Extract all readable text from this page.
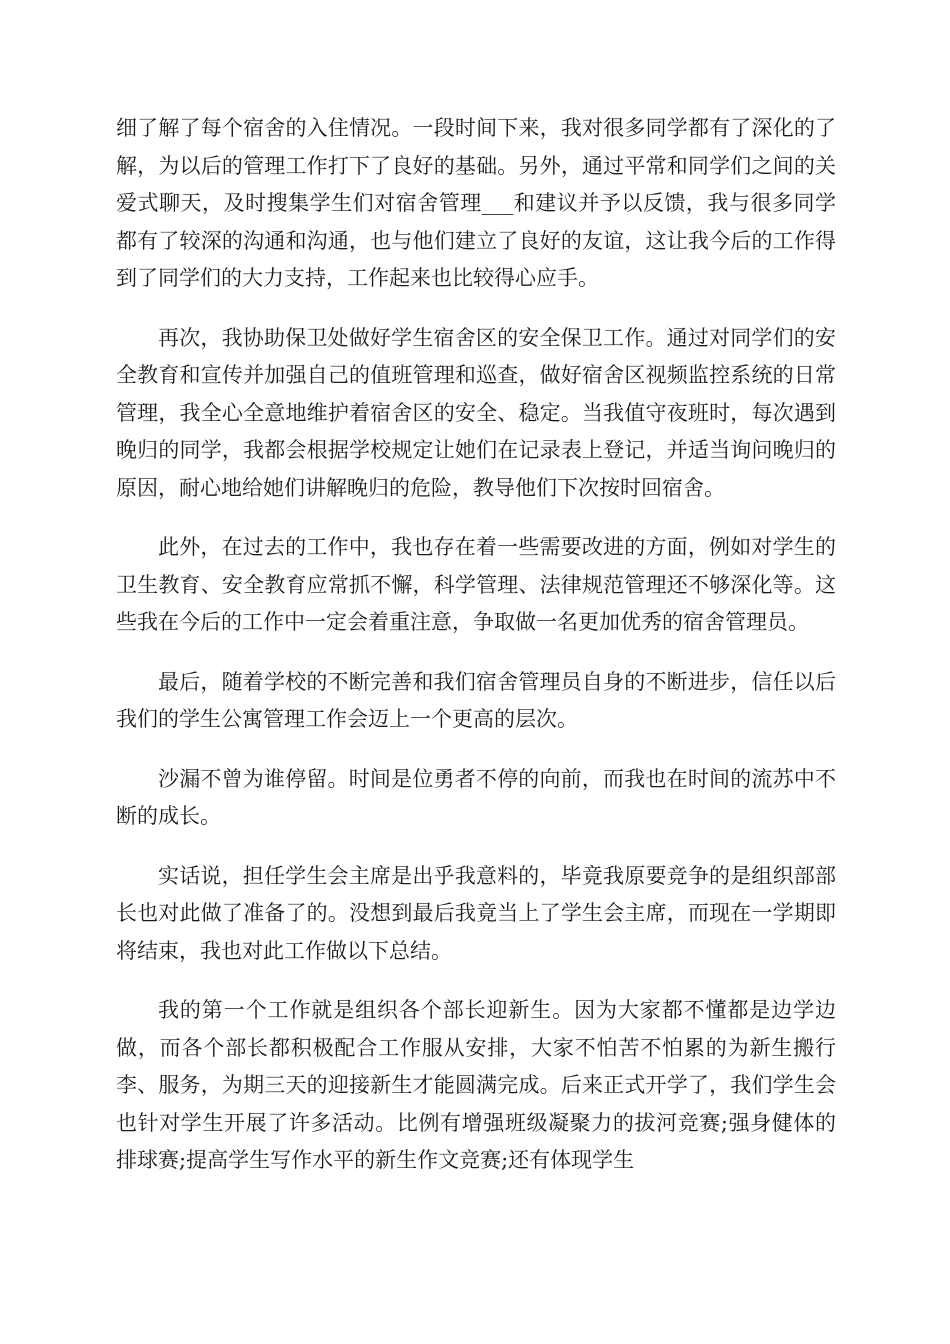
细了解了每个宿舍的入住情况。一段时间下来，我对很多同学都有了深化的了解，为以后的管理工作打下了良好的基础。另外，通过平常和同学们之间的关爱式聊天，及时搜集学生们对宿舍管理___和建议并予以反馈，我与很多同学都有了较深的沟通和沟通，也与他们建立了良好的友谊，这让我今后的工作得到了同学们的大力支持，工作起来也比较得心应手。

再次，我协助保卫处做好学生宿舍区的安全保卫工作。通过对同学们的安全教育和宣传并加强自己的值班管理和巡查，做好宿舍区视频监控系统的日常管理，我全心全意地维护着宿舍区的安全、稳定。当我值守夜班时，每次遇到晚归的同学，我都会根据学校规定让她们在记录表上登记，并适当询问晚归的原因，耐心地给她们讲解晚归的危险，教导他们下次按时回宿舍。

此外，在过去的工作中，我也存在着一些需要改进的方面，例如对学生的卫生教育、安全教育应常抓不懈，科学管理、法律规范管理还不够深化等。这些我在今后的工作中一定会着重注意，争取做一名更加优秀的宿舍管理员。

最后，随着学校的不断完善和我们宿舍管理员自身的不断进步，信任以后我们的学生公寓管理工作会迈上一个更高的层次。

沙漏不曾为谁停留。时间是位勇者不停的向前，而我也在时间的流苏中不断的成长。

实话说，担任学生会主席是出乎我意料的，毕竟我原要竞争的是组织部部长也对此做了准备了的。没想到最后我竟当上了学生会主席，而现在一学期即将结束，我也对此工作做以下总结。

我的第一个工作就是组织各个部长迎新生。因为大家都不懂都是边学边做，而各个部长都积极配合工作服从安排，大家不怕苦不怕累的为新生搬行李、服务，为期三天的迎接新生才能圆满完成。后来正式开学了，我们学生会也针对学生开展了许多活动。比例有增强班级凝聚力的拔河竞赛;强身健体的排球赛;提高学生写作水平的新生作文竞赛;还有体现学生
